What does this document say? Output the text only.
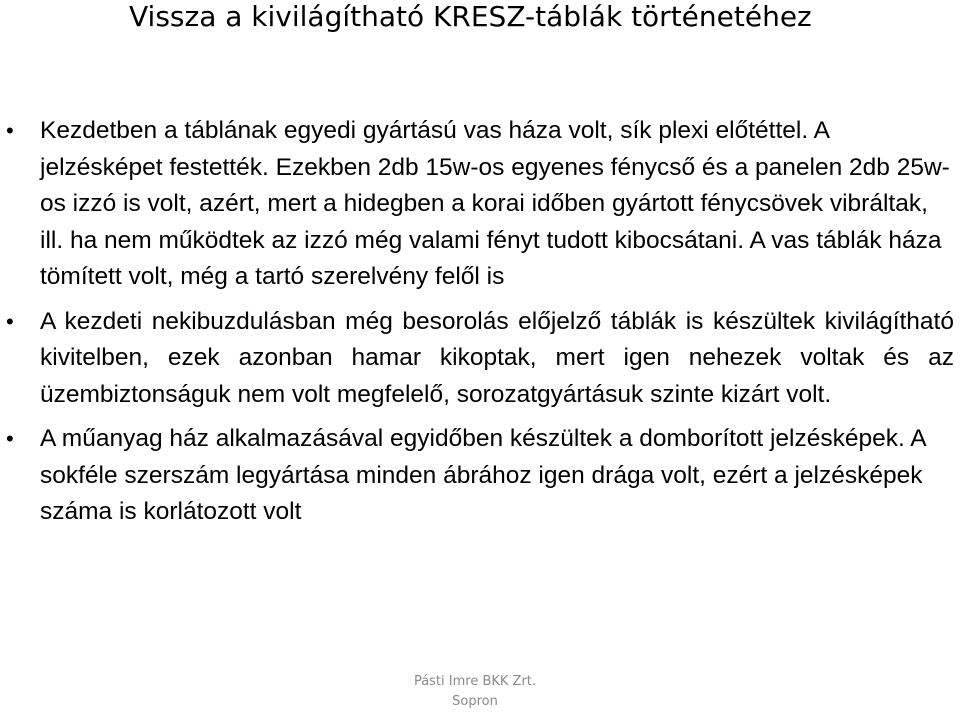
Vissza a kivilágítható KRESZ-táblák történetéhez
•	Kezdetben a táblának egyedi gyártású vas háza volt, sík plexi előtéttel. A jelzésképet festették. Ezekben 2db 15w-os egyenes fénycső és a panelen 2db 25w-os izzó is volt, azért, mert a hidegben a korai időben gyártott fénycsövek vibráltak, ill. ha nem működtek az izzó még valami fényt tudott kibocsátani. A vas táblák háza tömített volt, még a tartó szerelvény felől is
•	A kezdeti nekibuzdulásban még besorolás előjelző táblák is készültek kivilágítható kivitelben, ezek azonban hamar kikoptak, mert igen nehezek voltak és az üzembiztonságuk nem volt megfelelő, sorozatgyártásuk szinte kizárt volt.
•	A műanyag ház alkalmazásával egyidőben készültek a domborított jelzésképek. A sokféle szerszám legyártása minden ábrához igen drága volt, ezért a jelzésképek száma is korlátozott volt
Pásti Imre BKK Zrt.
Sopron
